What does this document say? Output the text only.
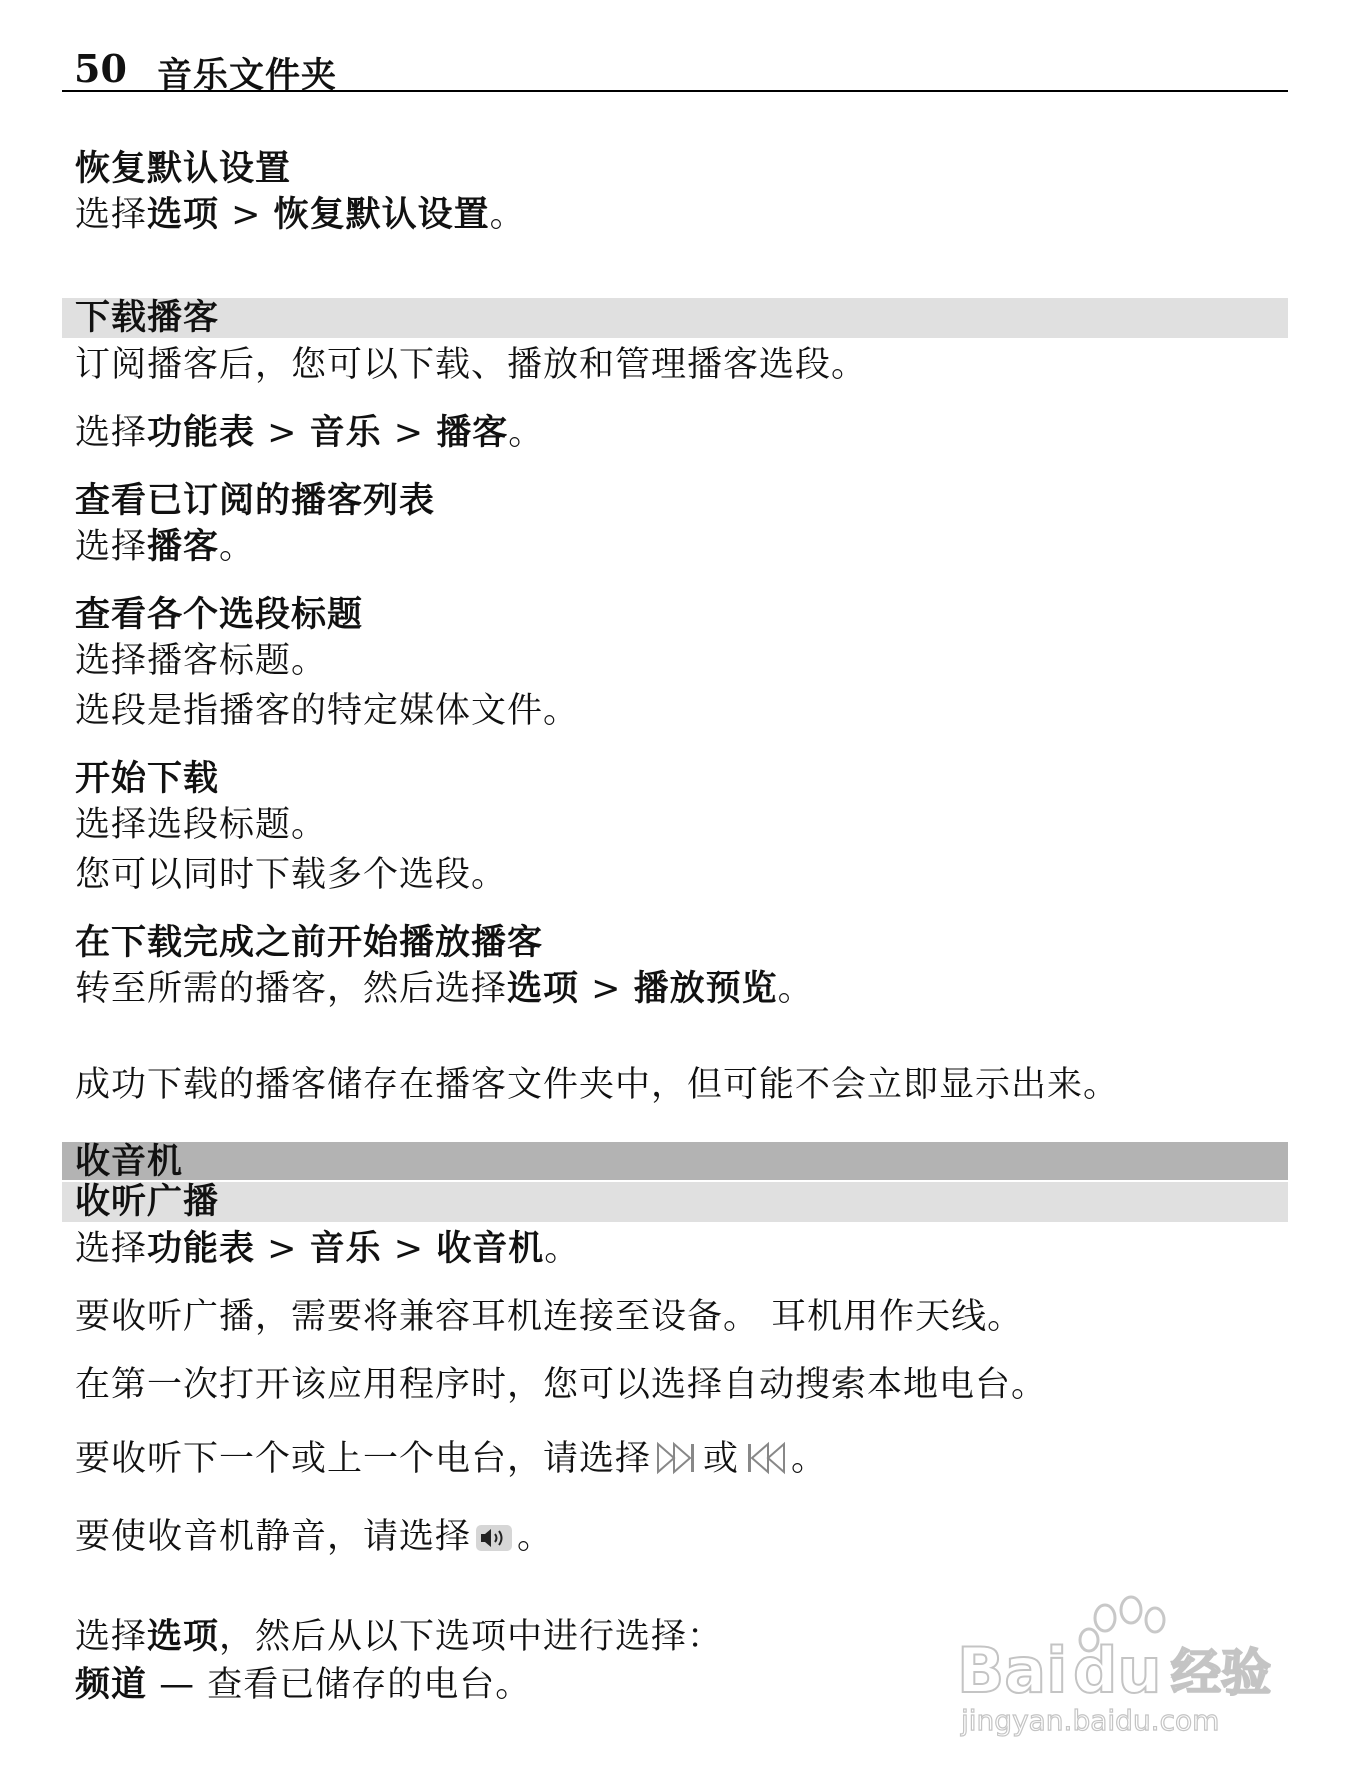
50 音乐文件夹
恢复默认设置
选择选项 > 恢复默认设置。
下载播客
订阅播客后，您可以下载、播放和管理播客选段。
选择功能表 > 音乐 > 播客。
查看已订阅的播客列表
选择播客。
查看各个选段标题
选择播客标题。
选段是指播客的特定媒体文件。
开始下载
选择选段标题。
您可以同时下载多个选段。
在下载完成之前开始播放播客
转至所需的播客，然后选择选项 > 播放预览。
成功下载的播客储存在播客文件夹中，但可能不会立即显示出来。
收音机
收听广播
选择功能表 > 音乐 > 收音机。
要收听广播，需要将兼容耳机连接至设备。 耳机用作天线。
在第一次打开该应用程序时，您可以选择自动搜索本地电台。
要收听下一个或上一个电台，请选择 或 。
要使收音机静音，请选择 。
选择选项，然后从以下选项中进行选择：
频道 — 查看已储存的电台。	Bai du 经验
jingyan.baidu.com
